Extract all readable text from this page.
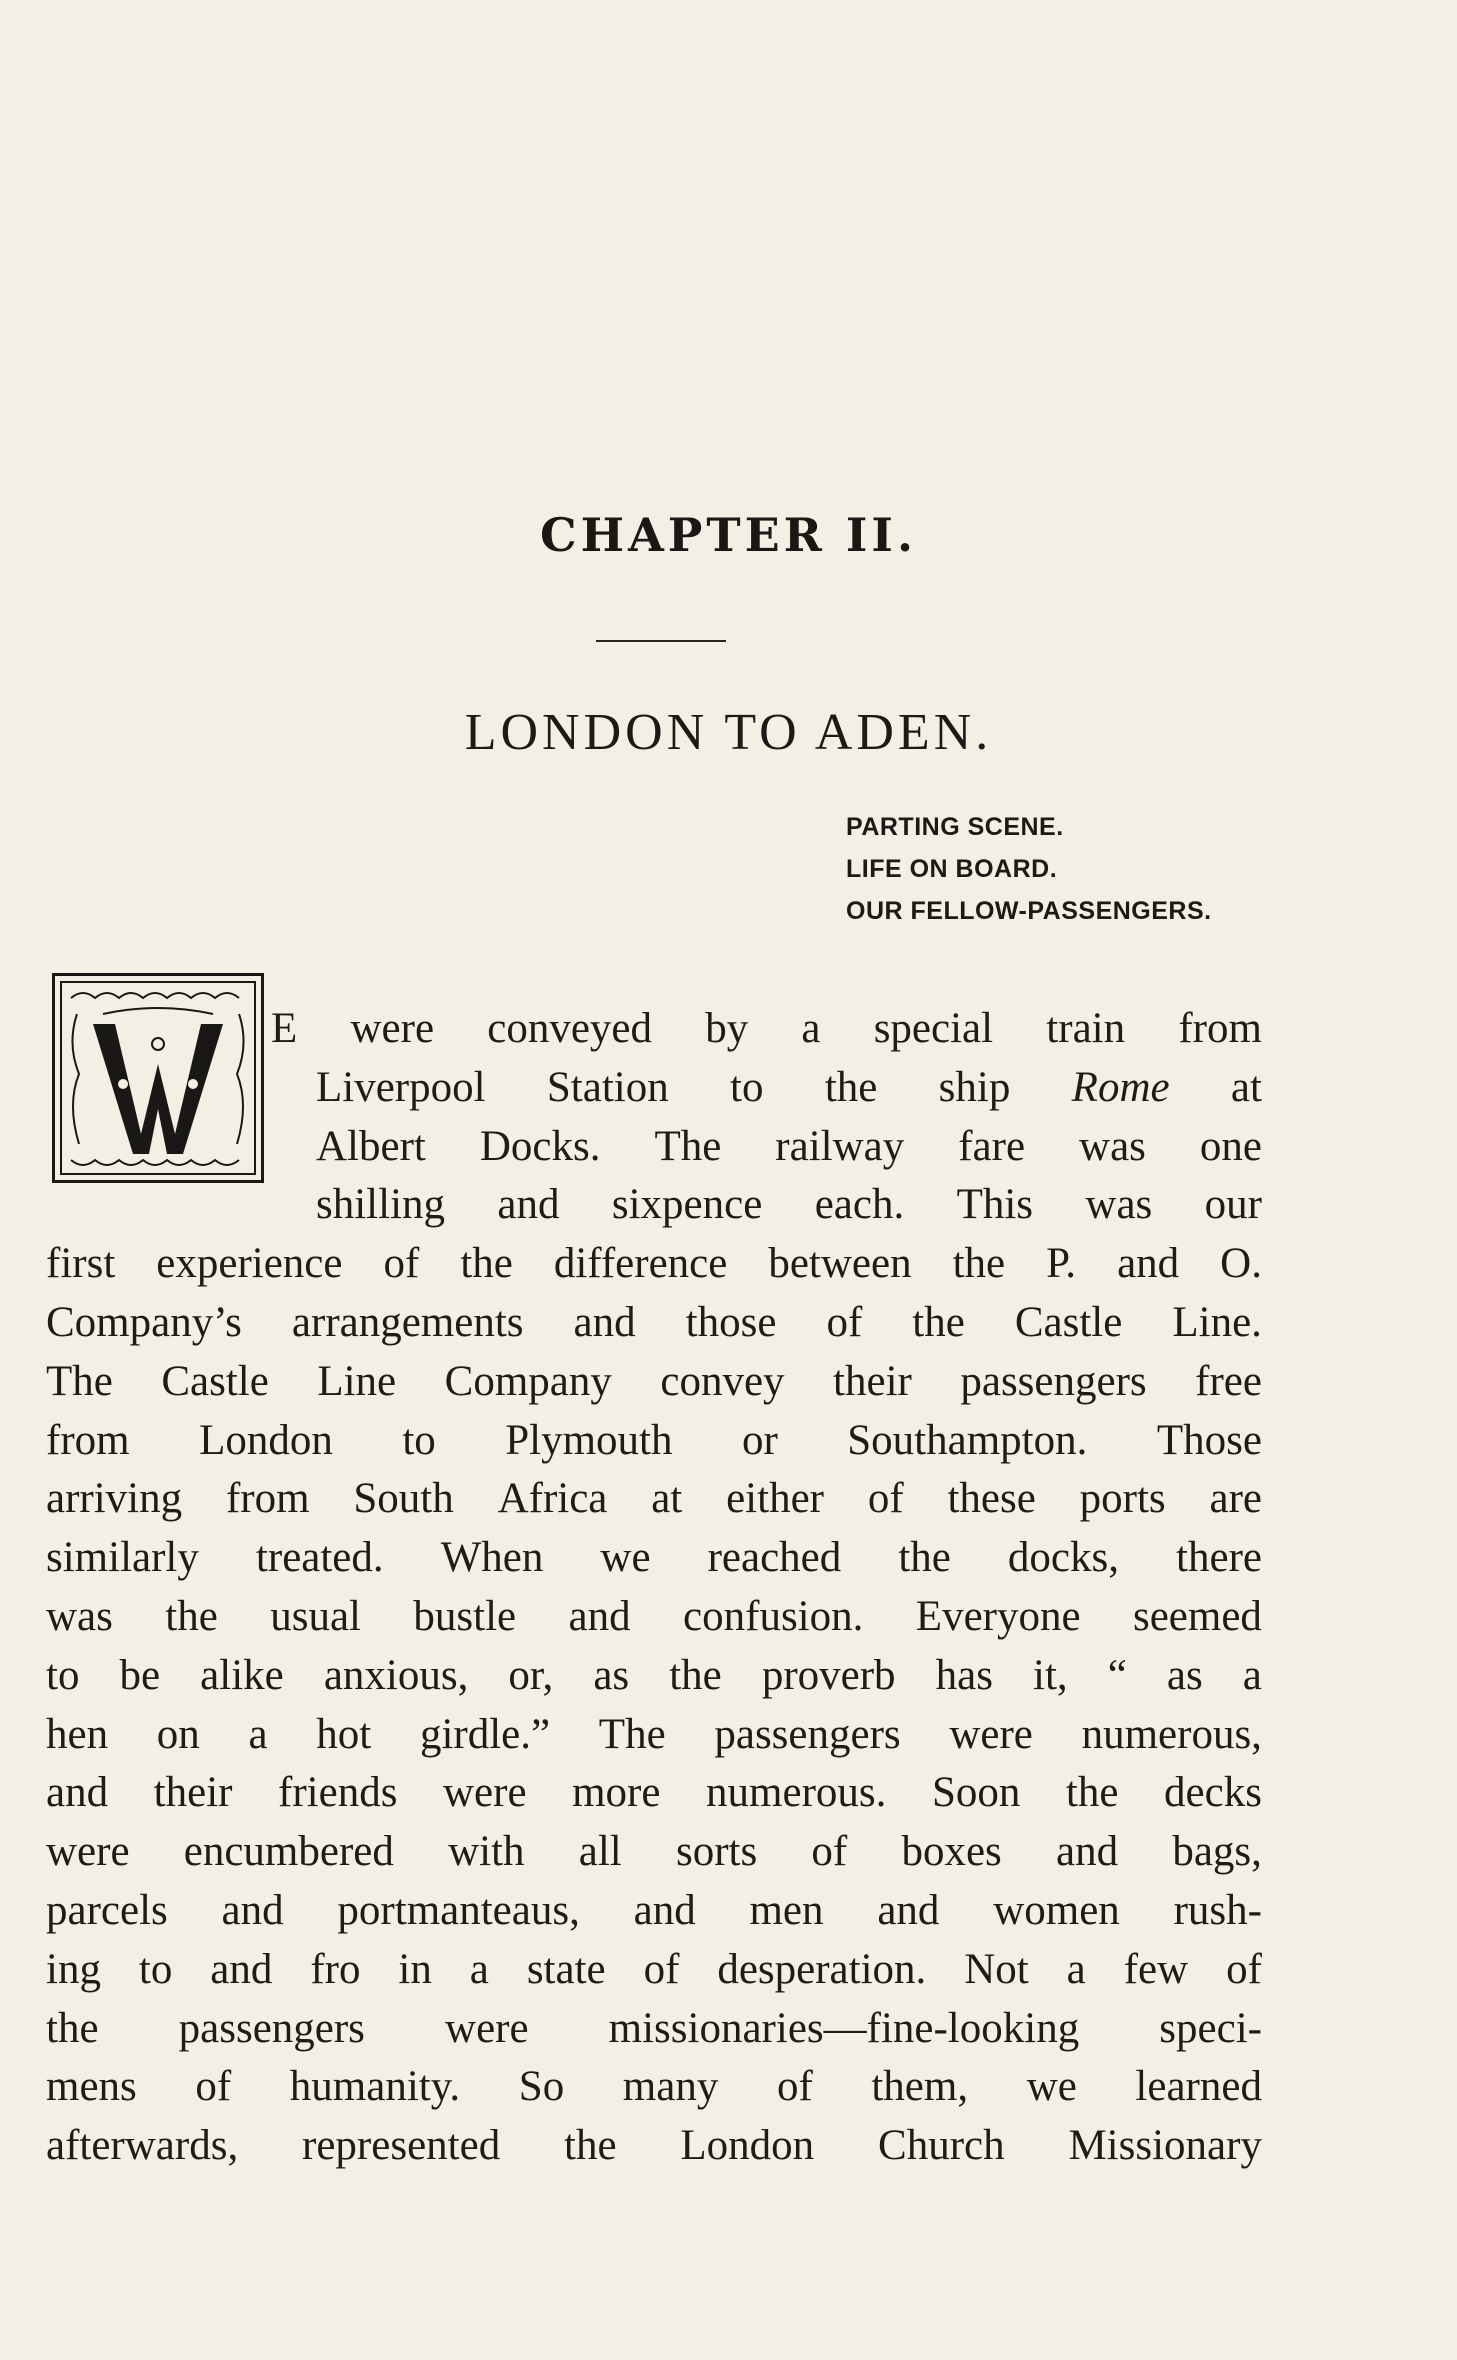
CHAPTER II.
LONDON TO ADEN.
PARTING SCENE.
LIFE ON BOARD.
OUR FELLOW-PASSENGERS.
E were conveyed by a special train from
Liverpool Station to the ship Rome at
Albert Docks. The railway fare was one
shilling and sixpence each. This was our
first experience of the difference between the P. and O.
Company’s arrangements and those of the Castle Line.
The Castle Line Company convey their passengers free
from London to Plymouth or Southampton. Those
arriving from South Africa at either of these ports are
similarly treated. When we reached the docks, there
was the usual bustle and confusion. Everyone seemed
to be alike anxious, or, as the proverb has it, “ as a
hen on a hot girdle.” The passengers were numerous,
and their friends were more numerous. Soon the decks
were encumbered with all sorts of boxes and bags,
parcels and portmanteaus, and men and women rush-
ing to and fro in a state of desperation. Not a few of
the passengers were missionaries—fine-looking speci-
mens of humanity. So many of them, we learned
afterwards, represented the London Church Missionary
